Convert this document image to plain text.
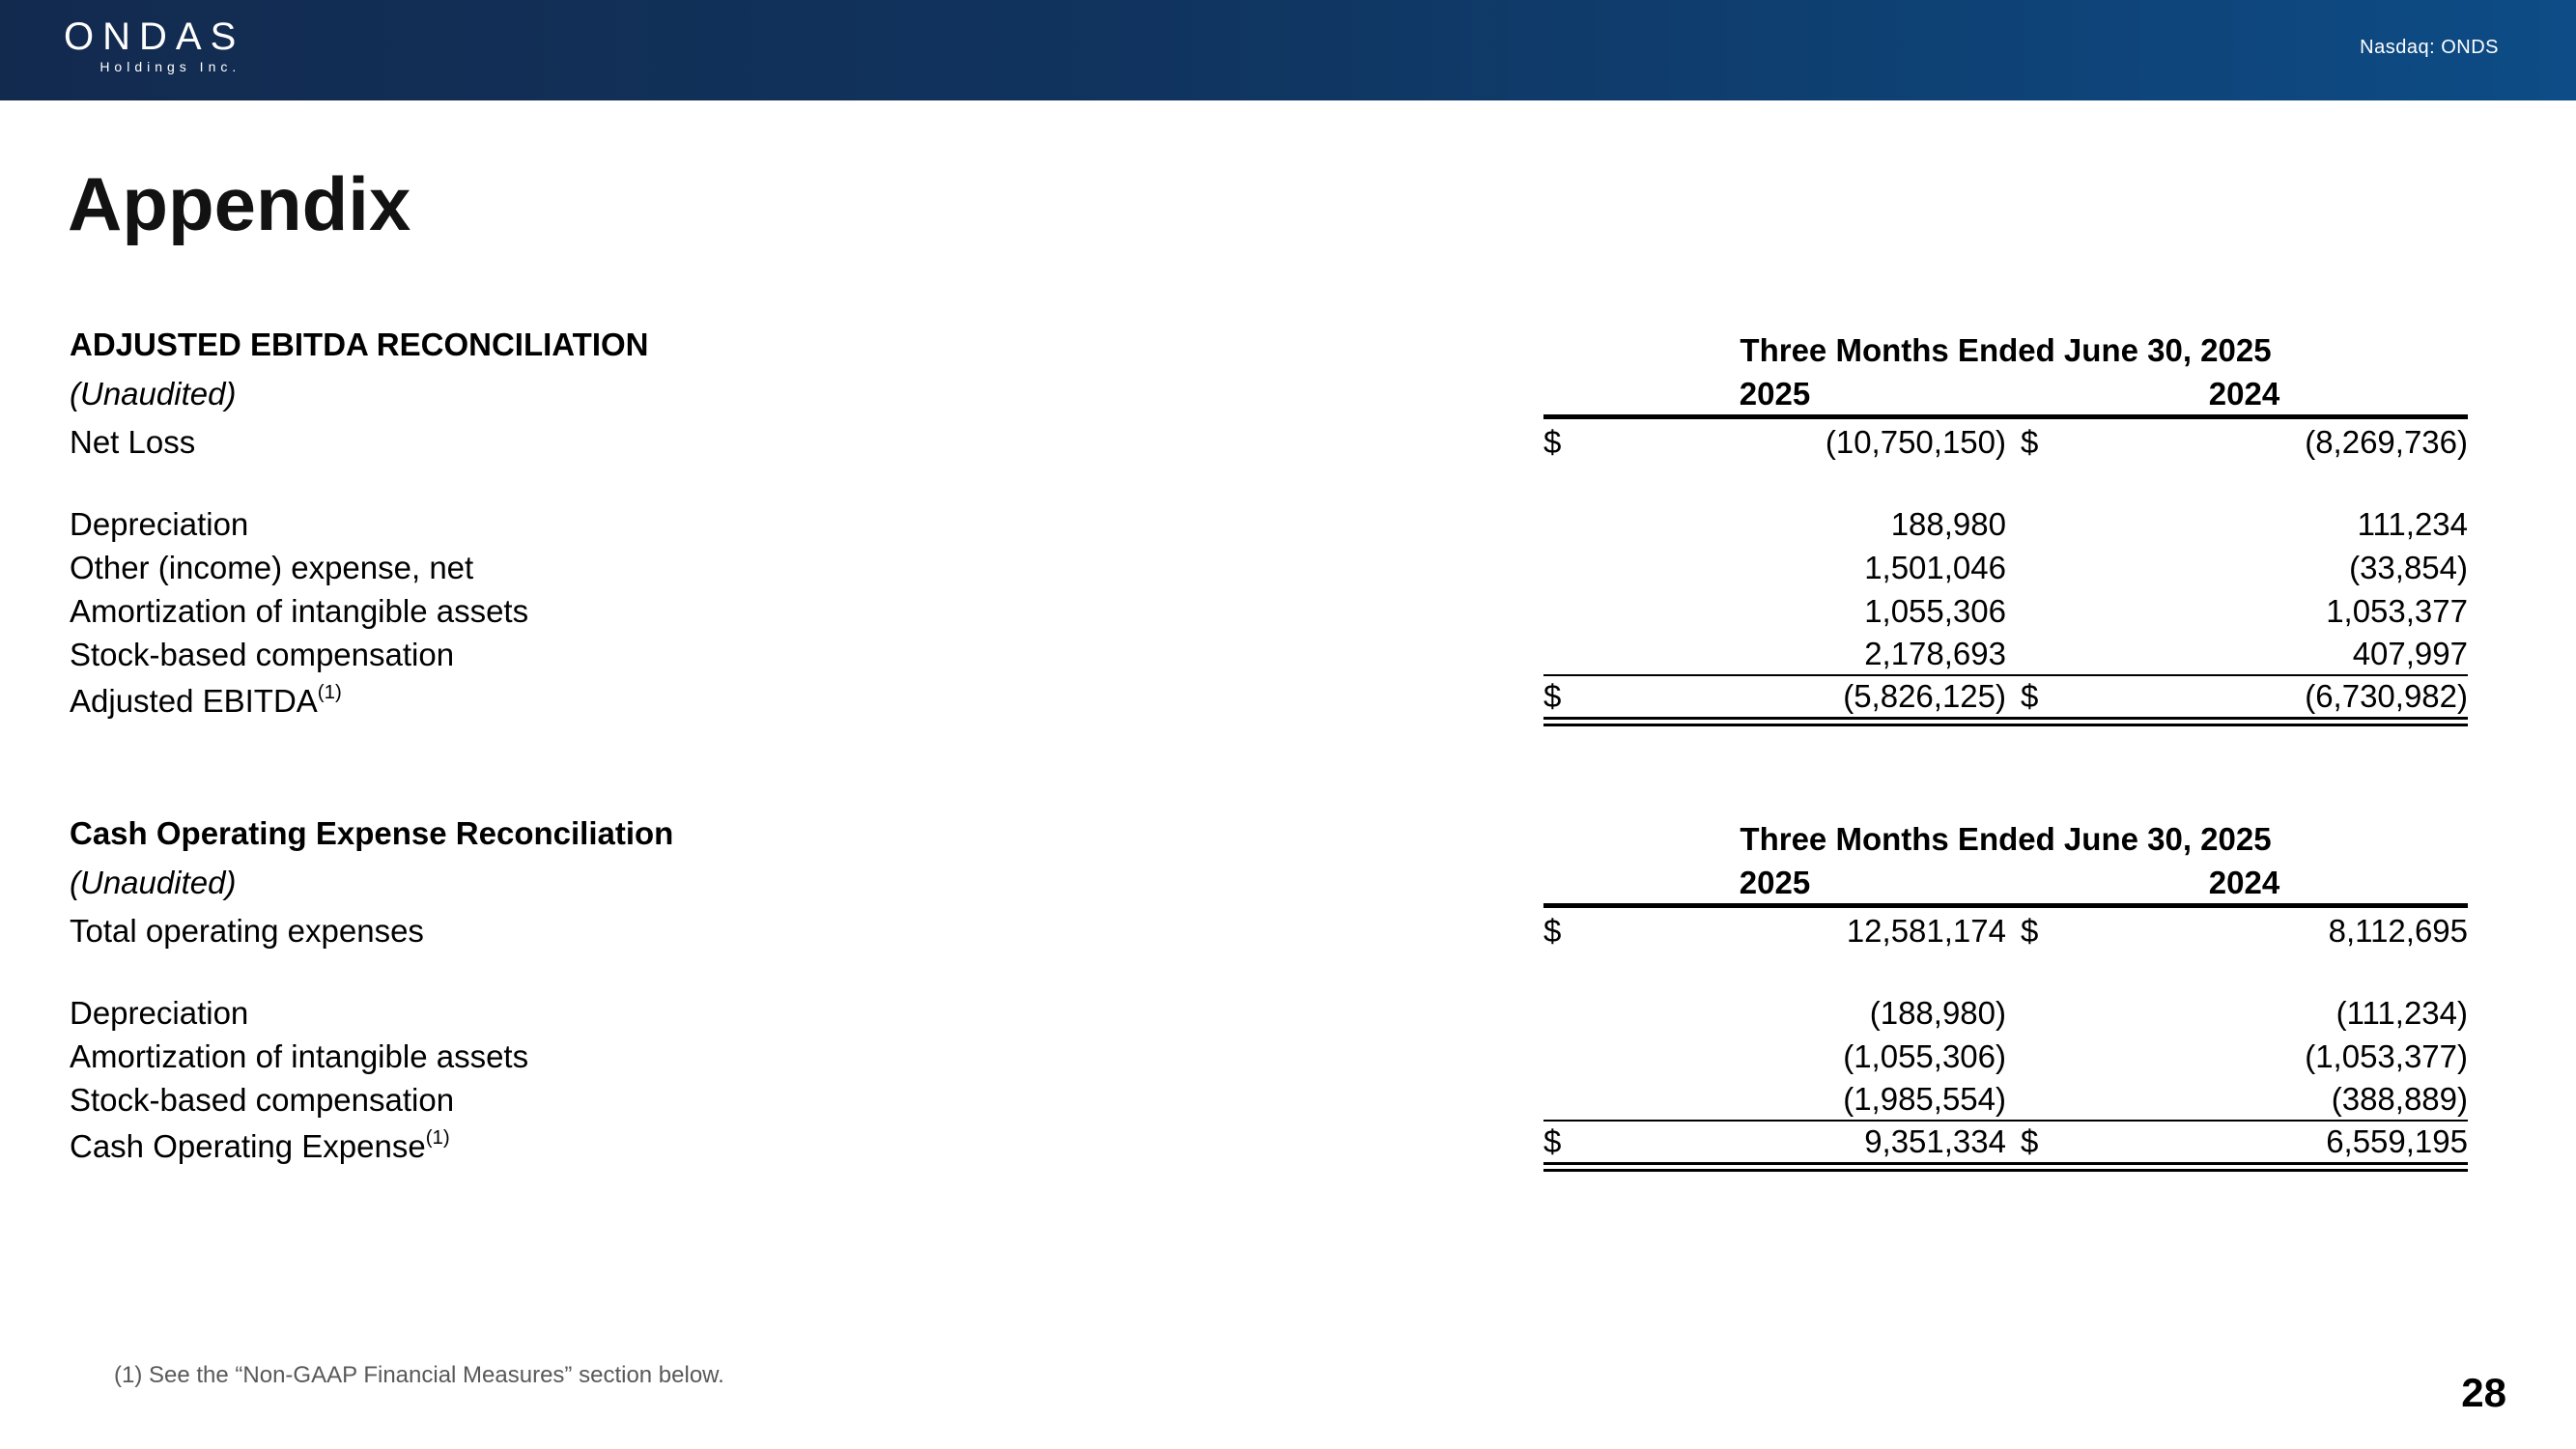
ONDAS
Holdings Inc.
Nasdaq: ONDS
Appendix
ADJUSTED EBITDA RECONCILIATION	Three Months Ended June 30, 2025
(Unaudited)	2025	2024
Net Loss	$	(10,750,150) $	(8,269,736)
Depreciation	188,980	111,234
Other (income) expense, net	1,501,046	(33,854)
Amortization of intangible assets	1,055,306	1,053,377
Stock-based compensation	2,178,693	407,997
Adjusted EBITDA$^{(1)}$	$	(5,826,125) $	(6,730,982)
Cash Operating Expense Reconciliation	Three Months Ended June 30, 2025
(Unaudited)	2025	2024
Total operating expenses	$	12,581,174 $	8,112,695
Depreciation	(188,980)	(111,234)
Amortization of intangible assets	(1,055,306)	(1,053,377)
Stock-based compensation	(1,985,554)	(388,889)
Cash Operating Expense$^{(1)}$	$	9,351,334 $	6,559,195
(1) See the “Non-GAAP Financial Measures” section below.	28
